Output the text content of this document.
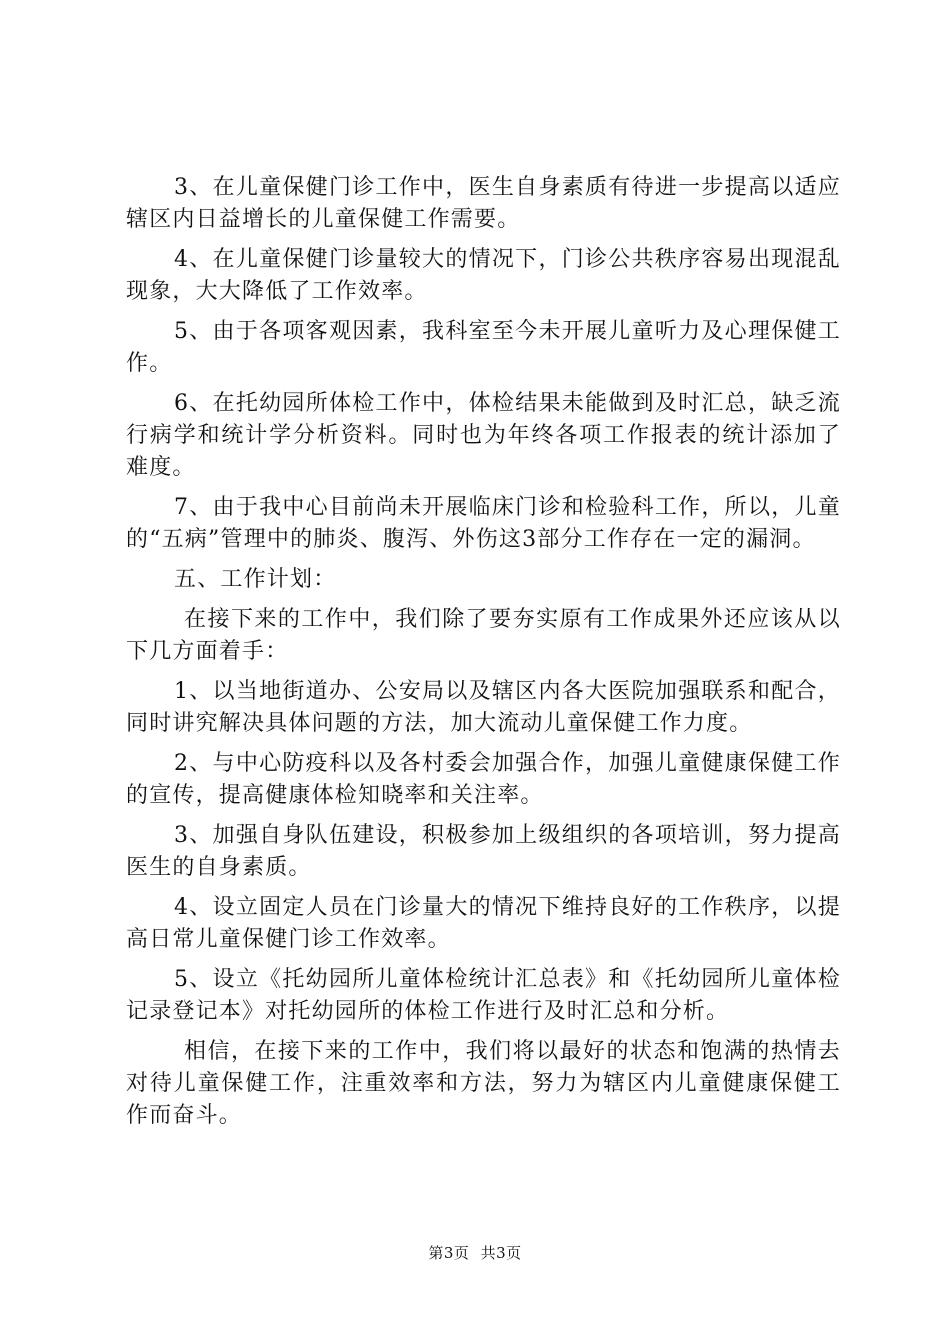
3、在儿童保健门诊工作中，医生自身素质有待进一步提高以适应辖区内日益增长的儿童保健工作需要。

4、在儿童保健门诊量较大的情况下，门诊公共秩序容易出现混乱现象，大大降低了工作效率。

5、由于各项客观因素，我科室至今未开展儿童听力及心理保健工作。

6、在托幼园所体检工作中，体检结果未能做到及时汇总，缺乏流行病学和统计学分析资料。同时也为年终各项工作报表的统计添加了难度。

7、由于我中心目前尚未开展临床门诊和检验科工作，所以，儿童的“五病”管理中的肺炎、腹泻、外伤这3部分工作存在一定的漏洞。

五、工作计划：

在接下来的工作中，我们除了要夯实原有工作成果外还应该从以下几方面着手：

1、以当地街道办、公安局以及辖区内各大医院加强联系和配合，同时讲究解决具体问题的方法，加大流动儿童保健工作力度。

2、与中心防疫科以及各村委会加强合作，加强儿童健康保健工作的宣传，提高健康体检知晓率和关注率。

3、加强自身队伍建设，积极参加上级组织的各项培训，努力提高医生的自身素质。

4、设立固定人员在门诊量大的情况下维持良好的工作秩序，以提高日常儿童保健门诊工作效率。

5、设立《托幼园所儿童体检统计汇总表》和《托幼园所儿童体检记录登记本》对托幼园所的体检工作进行及时汇总和分析。

相信，在接下来的工作中，我们将以最好的状态和饱满的热情去对待儿童保健工作，注重效率和方法，努力为辖区内儿童健康保健工作而奋斗。

第3页 共3页
